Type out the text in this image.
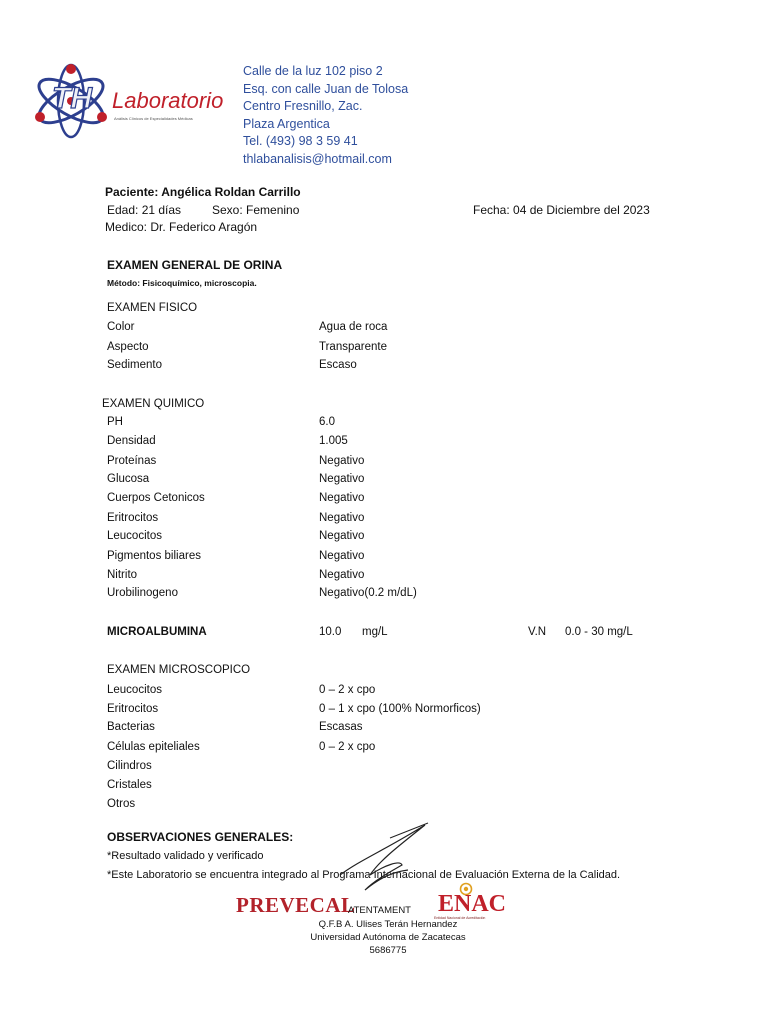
TH Laboratorio
Análisis Clínicos de Especialidades Médicas
Calle de la luz 102 piso 2
Esq. con calle Juan de Tolosa
Centro Fresnillo, Zac.
Plaza Argentica
Tel. (493) 98 3 59 41
thlabanalisis@hotmail.com
Paciente: Angélica Roldan Carrillo
Edad: 21 días	Sexo: Femenino	Fecha: 04 de Diciembre del 2023
Medico: Dr. Federico Aragón
EXAMEN GENERAL DE ORINA
Método: Fisicoquímico, microscopia.
EXAMEN FISICO
Color	Agua de roca
Aspecto	Transparente
Sedimento	Escaso
EXAMEN QUIMICO
PH	6.0
Densidad	1.005
Proteínas	Negativo
Glucosa	Negativo
Cuerpos Cetonicos	Negativo
Eritrocitos	Negativo
Leucocitos	Negativo
Pigmentos biliares	Negativo
Nitrito	Negativo
Urobilinogeno	Negativo(0.2 m/dL)
MICROALBUMINA	10.0 mg/L	V.N 0.0 - 30 mg/L
EXAMEN MICROSCOPICO
Leucocitos	0 – 2 x cpo
Eritrocitos	0 – 1 x cpo (100% Normorficos)
Bacterias	Escasas
Células epiteliales	0 – 2 x cpo
Cilindros
Cristales
Otros
OBSERVACIONES GENERALES:
*Resultado validado y verificado
*Este Laboratorio se encuentra integrado al Programa Internacional de Evaluación Externa de la Calidad.
PREVECAL
ATENTAMENT ENAC
Entidad Nacional de Acreditación
Q.F.B A. Ulises Terán Hernandez
Universidad Autónoma de Zacatecas
5686775
